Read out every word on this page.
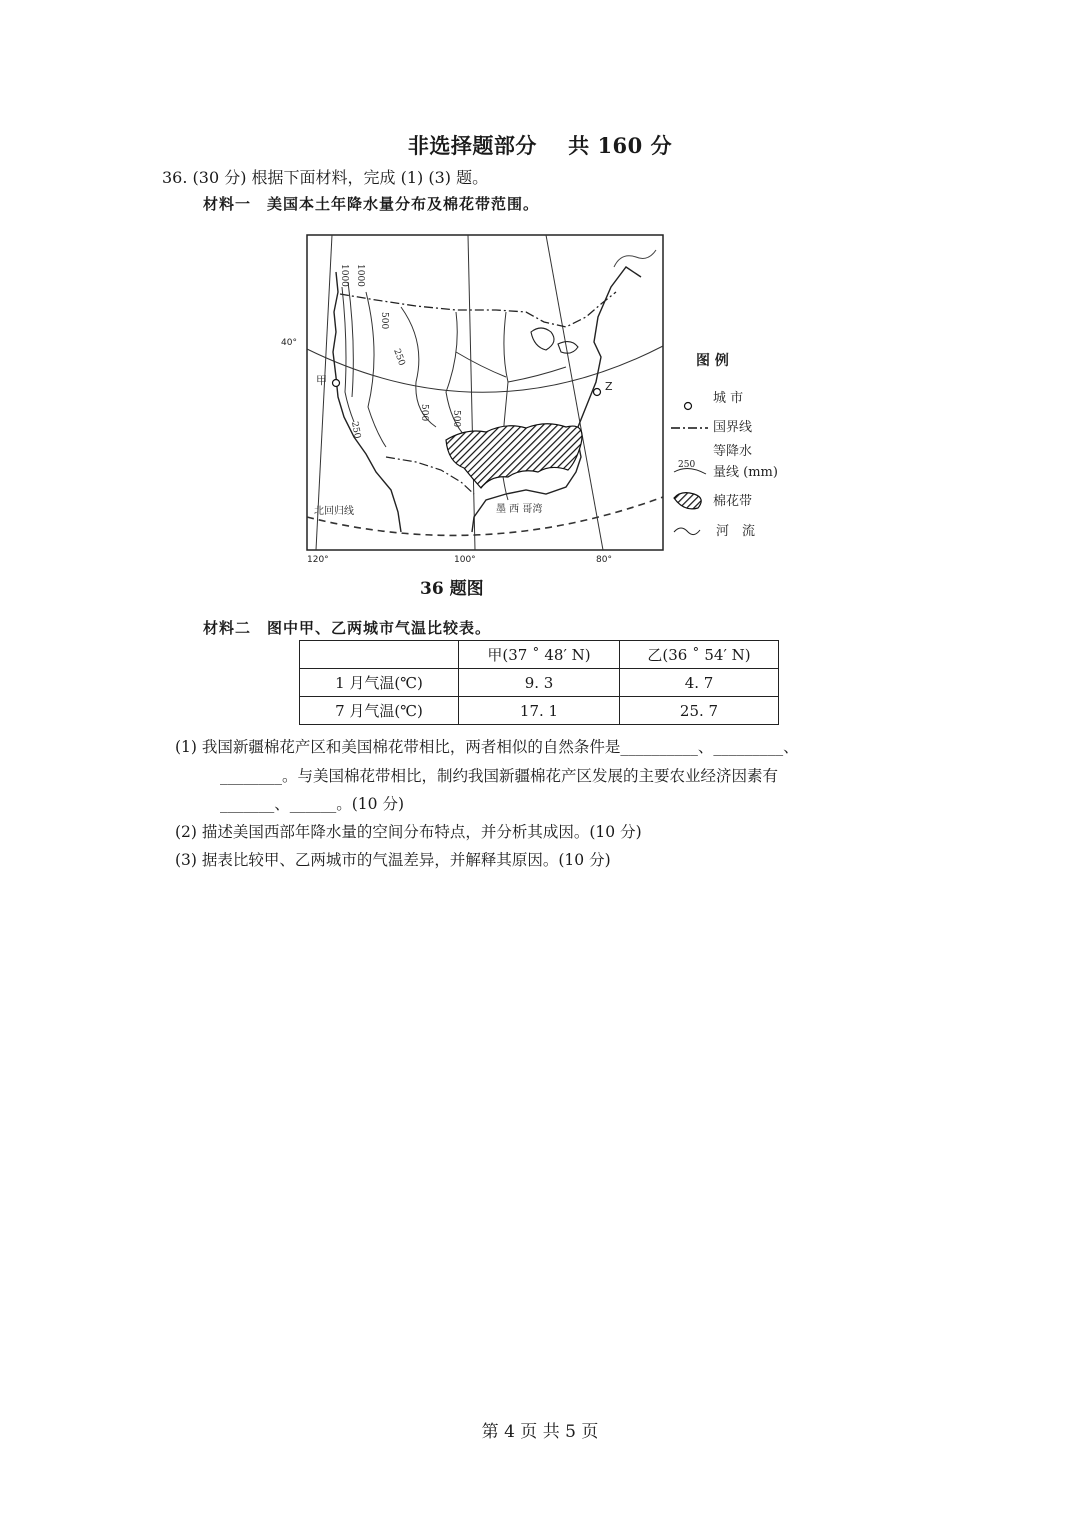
非选择题部分    共 160 分
36. (30 分) 根据下面材料，完成 (1) (3) 题。
材料一　美国本土年降水量分布及棉花带范围。
40°
120°	100°	80°
1000 1000
500
250
500 500
250
甲	Z
北回归线	墨 西 哥湾
图 例
城 市
国界线
250
等降水
量线 (mm)
棉花带
河　流
36 题图
材料二　图中甲、乙两城市气温比较表。
	甲(37 ˚ 48′ N)	乙(36 ˚ 54′ N)
1 月气温(℃)	9. 3	4. 7
7 月气温(℃)	17. 1	25. 7
(1) 我国新疆棉花产区和美国棉花带相比，两者相似的自然条件是__________、_________、
________。与美国棉花带相比，制约我国新疆棉花产区发展的主要农业经济因素有
_______、______。(10 分)
(2) 描述美国西部年降水量的空间分布特点，并分析其成因。(10 分)
(3) 据表比较甲、乙两城市的气温差异，并解释其原因。(10 分)
第 4 页 共 5 页
